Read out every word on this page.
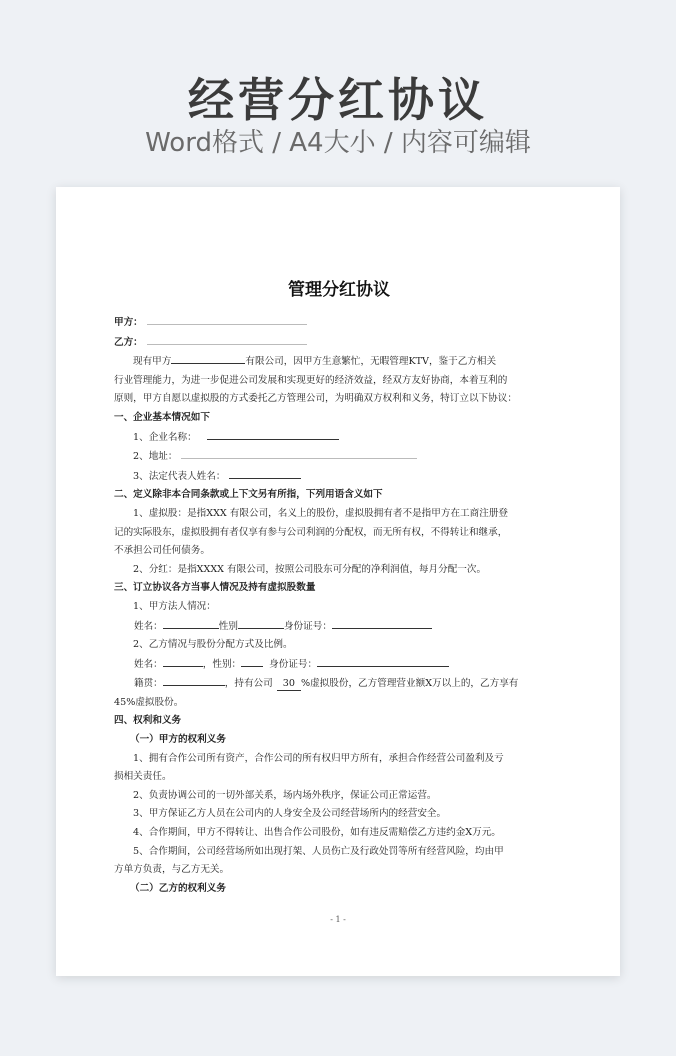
经营分红协议
Word格式 / A4大小 / 内容可编辑
管理分红协议
甲方：
乙方：
现有甲方	有限公司，因甲方生意繁忙，无暇管理KTV，鉴于乙方相关
行业管理能力，为进一步促进公司发展和实现更好的经济效益，经双方友好协商，本着互利的
原则，甲方自愿以虚拟股的方式委托乙方管理公司，为明确双方权利和义务，特订立以下协议：
一、企业基本情况如下
1、企业名称：
2、地址：
3、法定代表人姓名：
二、定义除非本合同条款或上下文另有所指，下列用语含义如下
1、虚拟股：是指XXX 有限公司，名义上的股份，虚拟股拥有者不是指甲方在工商注册登
记的实际股东，虚拟股拥有者仅享有参与公司利润的分配权，而无所有权，不得转让和继承，
不承担公司任何债务。
2、分红：是指XXXX 有限公司，按照公司股东可分配的净利润值，每月分配一次。
三、订立协议各方当事人情况及持有虚拟股数量
1、甲方法人情况：
姓名：	性别	身份证号：
2、乙方情况与股份分配方式及比例。
姓名：	，性别：	身份证号：
籍贯：	，持有公司 30 %虚拟股份，乙方管理营业额X万以上的，乙方享有
45%虚拟股份。
四、权利和义务
（一）甲方的权利义务
1、拥有合作公司所有资产，合作公司的所有权归甲方所有，承担合作经营公司盈利及亏
损相关责任。
2、负责协调公司的一切外部关系，场内场外秩序，保证公司正常运营。
3、甲方保证乙方人员在公司内的人身安全及公司经营场所内的经营安全。
4、合作期间，甲方不得转让、出售合作公司股份，如有违反需赔偿乙方违约金X万元。
5、合作期间，公司经营场所如出现打架、人员伤亡及行政处罚等所有经营风险，均由甲
方单方负责，与乙方无关。
（二）乙方的权利义务
- 1 -
